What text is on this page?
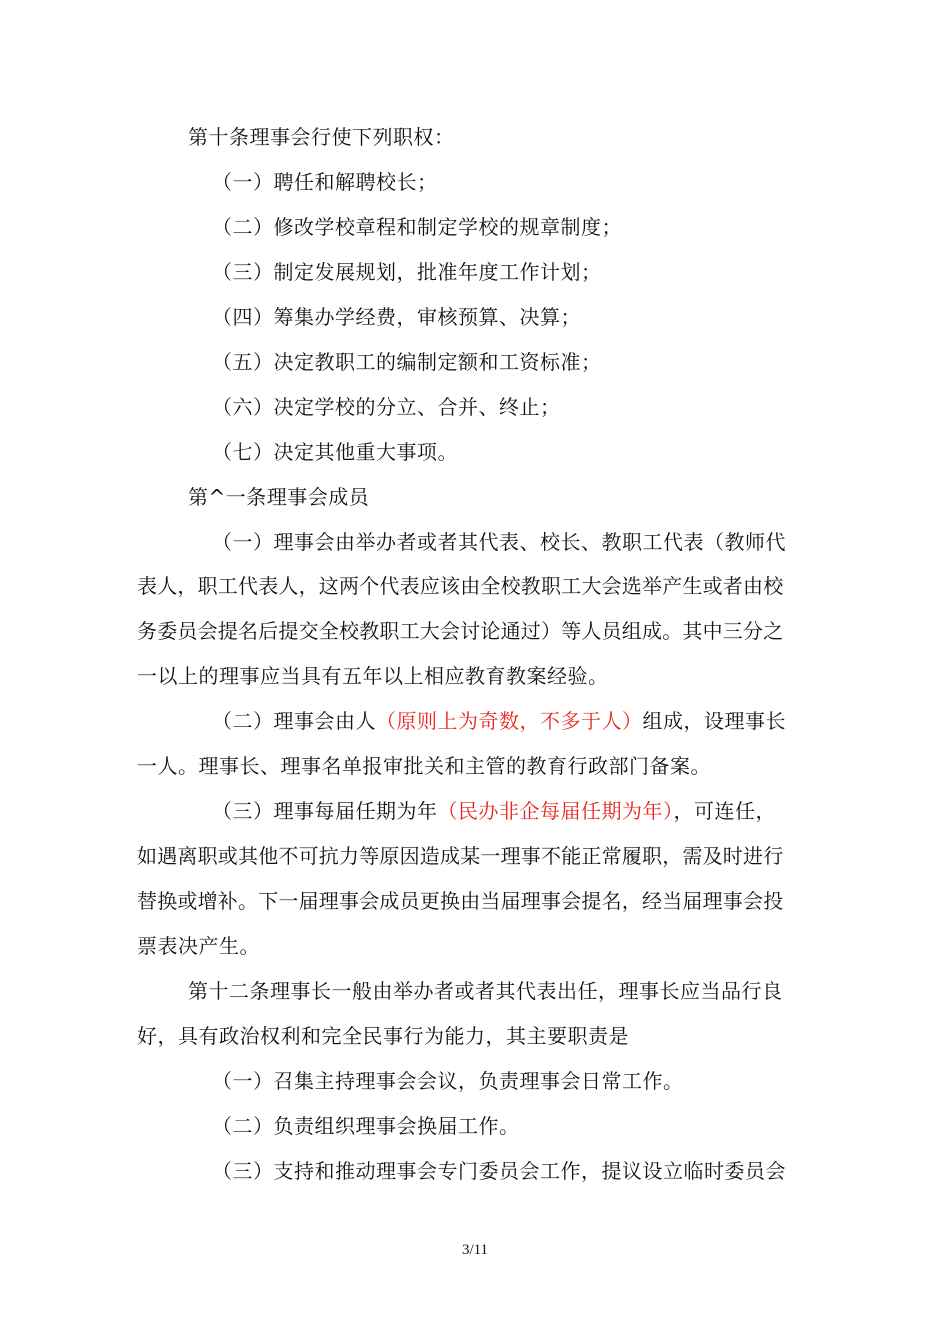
第十条理事会行使下列职权：
（一）聘任和解聘校长；
（二）修改学校章程和制定学校的规章制度；
（三）制定发展规划，批准年度工作计划；
（四）筹集办学经费，审核预算、决算；
（五）决定教职工的编制定额和工资标准；
（六）决定学校的分立、合并、终止；
（七）决定其他重大事项。
第^一条理事会成员
（一）理事会由举办者或者其代表、校长、教职工代表（教师代
表人，职工代表人，这两个代表应该由全校教职工大会选举产生或者由校
务委员会提名后提交全校教职工大会讨论通过）等人员组成。其中三分之
一以上的理事应当具有五年以上相应教育教案经验。
（二）理事会由人（原则上为奇数，不多于人）组成，设理事长
一人。理事长、理事名单报审批关和主管的教育行政部门备案。
（三）理事每届任期为年（民办非企每届任期为年），可连任，
如遇离职或其他不可抗力等原因造成某一理事不能正常履职，需及时进行
替换或增补。下一届理事会成员更换由当届理事会提名，经当届理事会投
票表决产生。
第十二条理事长一般由举办者或者其代表出任，理事长应当品行良
好，具有政治权利和完全民事行为能力，其主要职责是
（一）召集主持理事会会议，负责理事会日常工作。
（二）负责组织理事会换届工作。
（三）支持和推动理事会专门委员会工作，提议设立临时委员会
3/11
